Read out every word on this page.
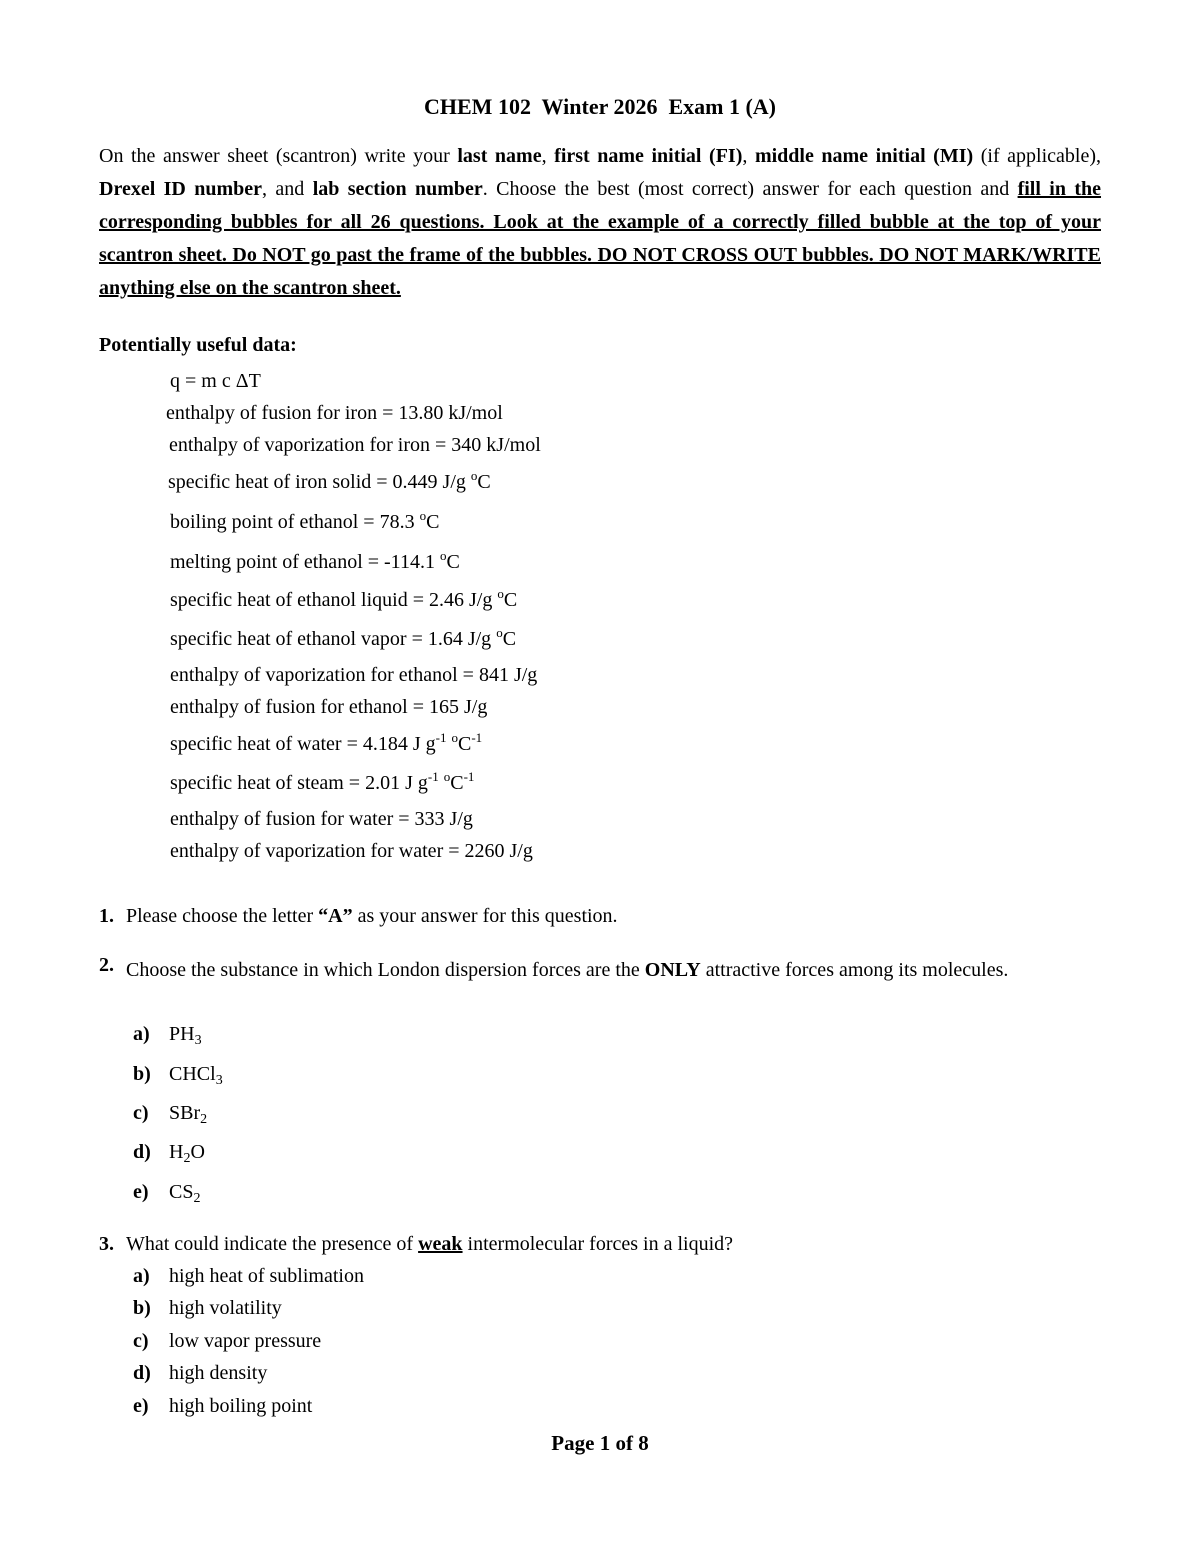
CHEM 102  Winter 2026  Exam 1 (A)
On the answer sheet (scantron) write your last name, first name initial (FI), middle name initial (MI) (if applicable), Drexel ID number, and lab section number. Choose the best (most correct) answer for each question and fill in the corresponding bubbles for all 26 questions. Look at the example of a correctly filled bubble at the top of your scantron sheet. Do NOT go past the frame of the bubbles. DO NOT CROSS OUT bubbles. DO NOT MARK/WRITE anything else on the scantron sheet.
Potentially useful data:
q = m c ΔT
enthalpy of fusion for iron = 13.80 kJ/mol
enthalpy of vaporization for iron = 340 kJ/mol
specific heat of iron solid = 0.449 J/g $^o$C
boiling point of ethanol = 78.3 $^o$C
melting point of ethanol = -114.1 $^o$C
specific heat of ethanol liquid = 2.46 J/g $^o$C
specific heat of ethanol vapor = 1.64 J/g $^o$C
enthalpy of vaporization for ethanol = 841 J/g
enthalpy of fusion for ethanol = 165 J/g
specific heat of water = 4.184 J $g^{-1}$ $^oC^{-1}$
specific heat of steam = 2.01 J $g^{-1}$ $^oC^{-1}$
enthalpy of fusion for water = 333 J/g
enthalpy of vaporization for water = 2260 J/g
1. Please choose the letter “A” as your answer for this question.
2. Choose the substance in which London dispersion forces are the ONLY attractive forces among its molecules.
a) $PH_3$
b) CHCl$_3$
c) SBr$_2$
d) $H_2O$
e) $CS_2$
3. What could indicate the presence of weak intermolecular forces in a liquid?
a) high heat of sublimation
b) high volatility
c) low vapor pressure
d) high density
e) high boiling point
Page 1 of 8
